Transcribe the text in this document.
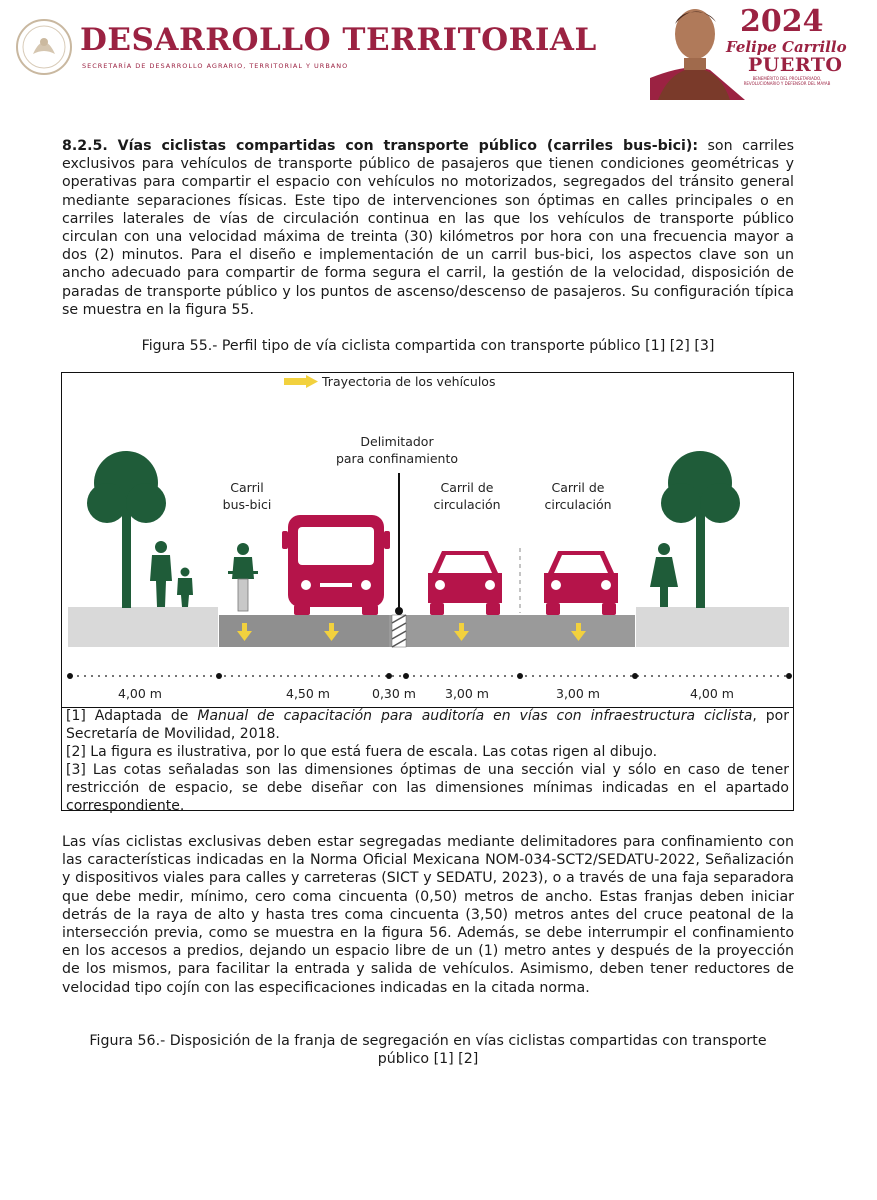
DESARROLLO TERRITORIAL
SECRETARÍA DE DESARROLLO AGRARIO, TERRITORIAL Y URBANO
2024
Felipe Carrillo
PUERTO
BENEMÉRITO DEL PROLETARIADO, REVOLUCIONARIO Y DEFENSOR DEL MAYAB
8.2.5. Vías ciclistas compartidas con transporte público (carriles bus-bici): son carriles exclusivos para vehículos de transporte público de pasajeros que tienen condiciones geométricas y operativas para compartir el espacio con vehículos no motorizados, segregados del tránsito general mediante separaciones físicas. Este tipo de intervenciones son óptimas en calles principales o en carriles laterales de vías de circulación continua en las que los vehículos de transporte público circulan con una velocidad máxima de treinta (30) kilómetros por hora con una frecuencia mayor a dos (2) minutos. Para el diseño e implementación de un carril bus-bici, los aspectos clave son un ancho adecuado para compartir de forma segura el carril, la gestión de la velocidad, disposición de paradas de transporte público y los puntos de ascenso/descenso de pasajeros. Su configuración típica se muestra en la figura 55.
Figura 55.- Perfil tipo de vía ciclista compartida con transporte público [1] [2] [3]
Trayectoria de los vehículos
Delimitador
para confinamiento
Carril
bus-bici
Carril de
circulación
Carril de
circulación
4,00 m	4,50 m	0,30 m 3,00 m	3,00 m	4,00 m

[1] Adaptada de Manual de capacitación para auditoría en vías con infraestructura ciclista, por Secretaría de Movilidad, 2018.

[2] La figura es ilustrativa, por lo que está fuera de escala. Las cotas rigen al dibujo.

[3] Las cotas señaladas son las dimensiones óptimas de una sección vial y sólo en caso de tener restricción de espacio, se debe diseñar con las dimensiones mínimas indicadas en el apartado correspondiente.

Las vías ciclistas exclusivas deben estar segregadas mediante delimitadores para confinamiento con las características indicadas en la Norma Oficial Mexicana NOM-034-SCT2/SEDATU-2022, Señalización y dispositivos viales para calles y carreteras (SICT y SEDATU, 2023), o a través de una faja separadora que debe medir, mínimo, cero coma cincuenta (0,50) metros de ancho. Estas franjas deben iniciar detrás de la raya de alto y hasta tres coma cincuenta (3,50) metros antes del cruce peatonal de la intersección previa, como se muestra en la figura 56. Además, se debe interrumpir el confinamiento en los accesos a predios, dejando un espacio libre de un (1) metro antes y después de la proyección de los mismos, para facilitar la entrada y salida de vehículos. Asimismo, deben tener reductores de velocidad tipo cojín con las especificaciones indicadas en la citada norma.
Figura 56.- Disposición de la franja de segregación en vías ciclistas compartidas con transporte público [1] [2]
